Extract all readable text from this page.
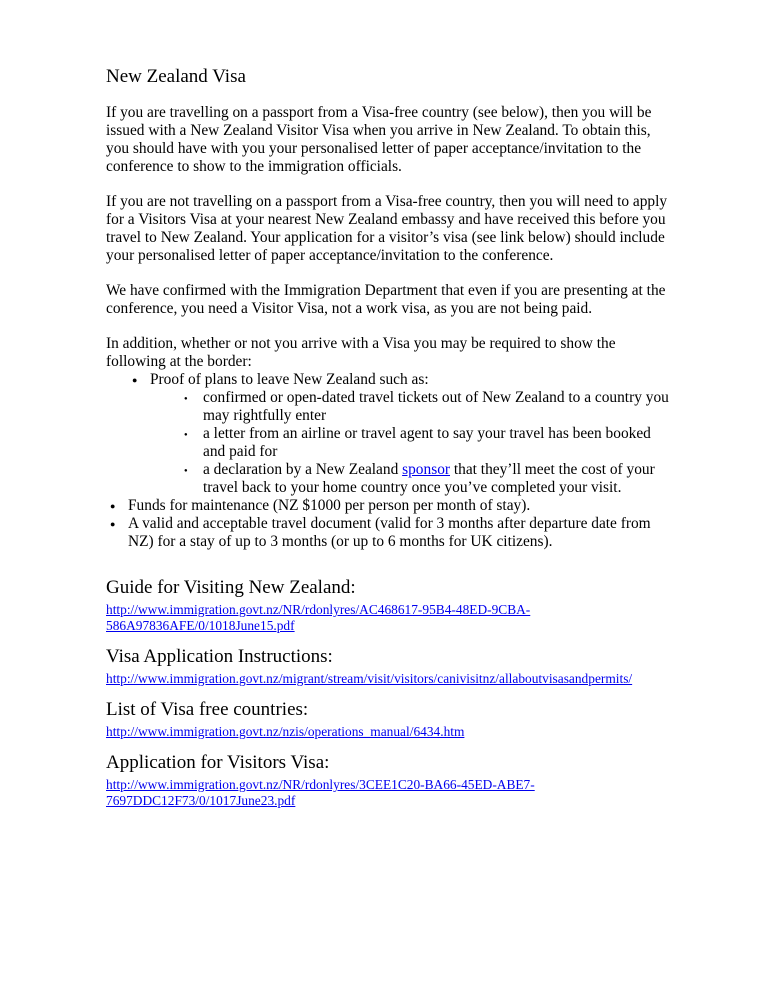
New Zealand Visa

If you are travelling on a passport from a Visa-free country (see below), then you will be issued with a New Zealand Visitor Visa when you arrive in New Zealand. To obtain this, you should have with you your personalised letter of paper acceptance/invitation to the conference to show to the immigration officials.

If you are not travelling on a passport from a Visa-free country, then you will need to apply for a Visitors Visa at your nearest New Zealand embassy and have received this before you travel to New Zealand. Your application for a visitor’s visa (see link below) should include your personalised letter of paper acceptance/invitation to the conference.

We have confirmed with the Immigration Department that even if you are presenting at the conference, you need a Visitor Visa, not a work visa, as you are not being paid.

In addition, whether or not you arrive with a Visa you may be required to show the following at the border:

● Proof of plans to leave New Zealand such as:
● confirmed or open-dated travel tickets out of New Zealand to a country you may rightfully enter
● a letter from an airline or travel agent to say your travel has been booked and paid for
● a declaration by a New Zealand sponsor that they’ll meet the cost of your travel back to your home country once you’ve completed your visit.
● Funds for maintenance (NZ $1000 per person per month of stay).
● A valid and acceptable travel document (valid for 3 months after departure date from NZ) for a stay of up to 3 months (or up to 6 months for UK citizens).
Guide for Visiting New Zealand:
http://www.immigration.govt.nz/NR/rdonlyres/AC468617-95B4-48ED-9CBA-586A97836AFE/0/1018June15.pdf
Visa Application Instructions:
http://www.immigration.govt.nz/migrant/stream/visit/visitors/canivisitnz/allaboutvisasandpermits/
List of Visa free countries:
http://www.immigration.govt.nz/nzis/operations_manual/6434.htm
Application for Visitors Visa:
http://www.immigration.govt.nz/NR/rdonlyres/3CEE1C20-BA66-45ED-ABE7-7697DDC12F73/0/1017June23.pdf
